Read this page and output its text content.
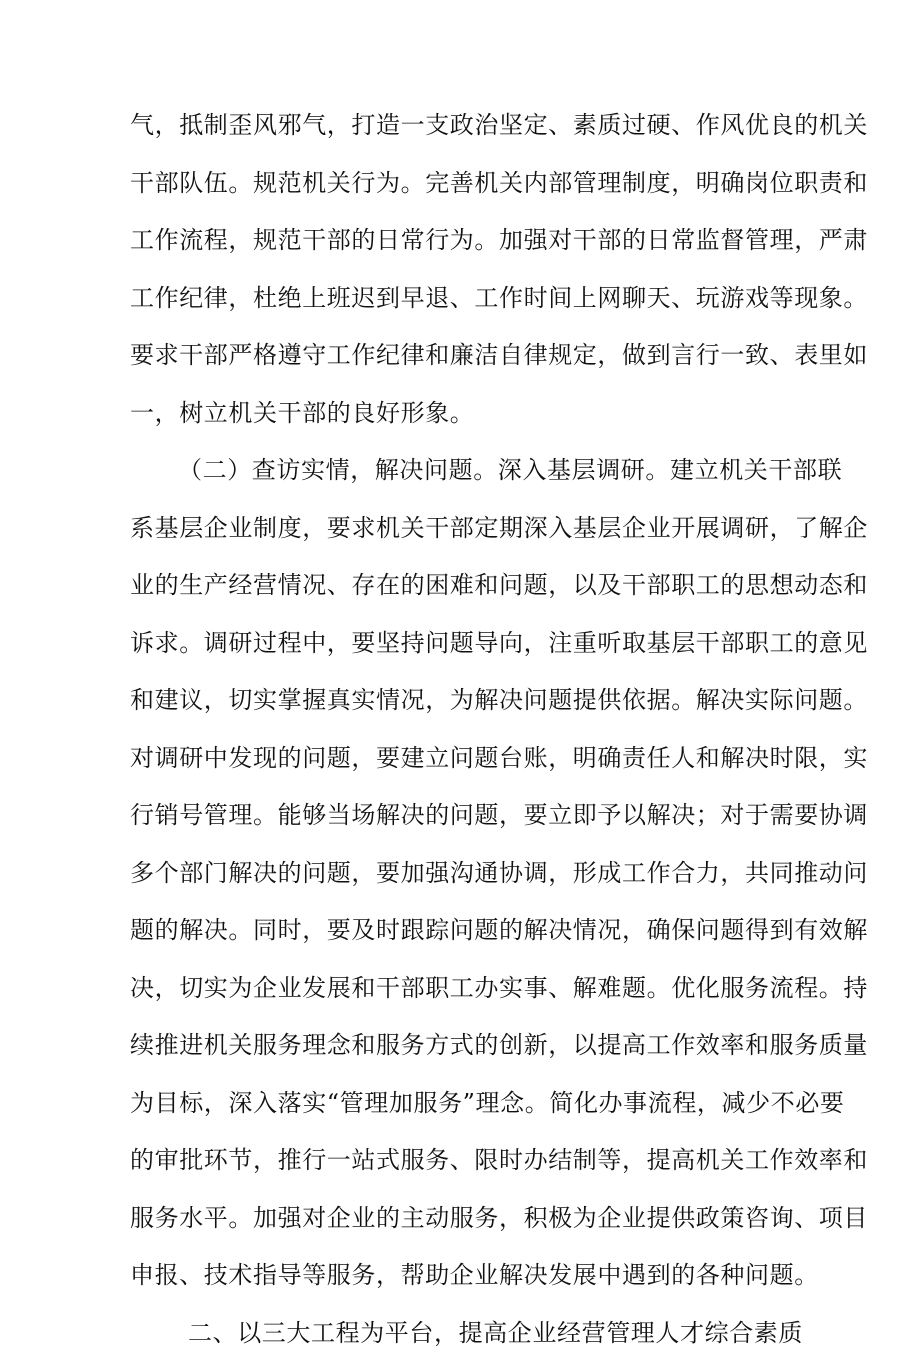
气，抵制歪风邪气，打造一支政治坚定、素质过硬、作风优良的机关
干部队伍。规范机关行为。完善机关内部管理制度，明确岗位职责和
工作流程，规范干部的日常行为。加强对干部的日常监督管理，严肃
工作纪律，杜绝上班迟到早退、工作时间上网聊天、玩游戏等现象。
要求干部严格遵守工作纪律和廉洁自律规定，做到言行一致、表里如
一，树立机关干部的良好形象。
（二）查访实情，解决问题。深入基层调研。建立机关干部联
系基层企业制度，要求机关干部定期深入基层企业开展调研，了解企
业的生产经营情况、存在的困难和问题，以及干部职工的思想动态和
诉求。调研过程中，要坚持问题导向，注重听取基层干部职工的意见
和建议，切实掌握真实情况，为解决问题提供依据。解决实际问题。
对调研中发现的问题，要建立问题台账，明确责任人和解决时限，实
行销号管理。能够当场解决的问题，要立即予以解决；对于需要协调
多个部门解决的问题，要加强沟通协调，形成工作合力，共同推动问
题的解决。同时，要及时跟踪问题的解决情况，确保问题得到有效解
决，切实为企业发展和干部职工办实事、解难题。优化服务流程。持
续推进机关服务理念和服务方式的创新，以提高工作效率和服务质量
为目标，深入落实“管理加服务”理念。简化办事流程，减少不必要
的审批环节，推行一站式服务、限时办结制等，提高机关工作效率和
服务水平。加强对企业的主动服务，积极为企业提供政策咨询、项目
申报、技术指导等服务，帮助企业解决发展中遇到的各种问题。
二、以三大工程为平台，提高企业经营管理人才综合素质
